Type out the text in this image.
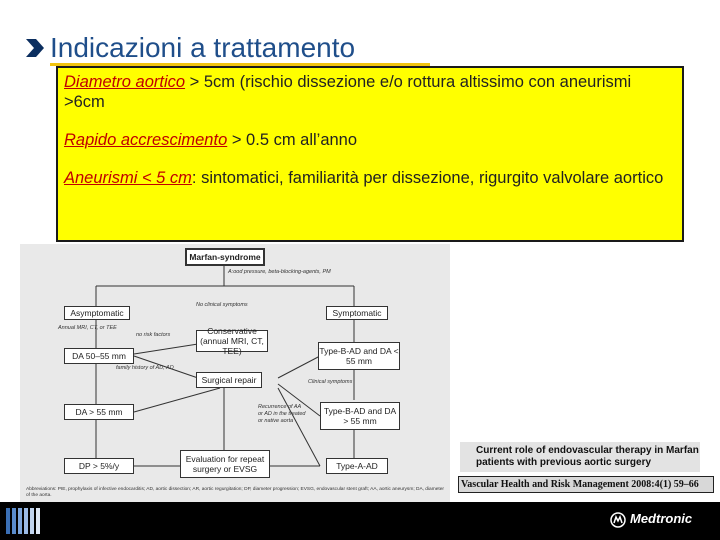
Indicazioni a trattamento

Diametro aortico > 5cm (rischio dissezione e/o rottura altissimo con aneurismi >6cm

Rapido accrescimento > 0.5 cm all’anno

Aneurismi < 5 cm: sintomatici, familiarità per dissezione, rigurgito valvolare aortico

Marfan-syndrome
Asymptomatic	Symptomatic
Conservative (annual MRI, CT, TEE)
DA 50–55 mm	Type-B-AD and DA < 55 mm
Surgical repair
DA > 55 mm	Type-B-AD and DA > 55 mm
Evaluation for repeat surgery or EVSG
DP > 5%/y	Type-A-AD
A:ood pressure, beta-blocking-agents, PM
No clinical symptoms
Annual MRI, CT, or TEE
no risk factors
family history of AD, AD
Clinical symptoms
Recurrence of AA or AD in the treated or native aorta
Abbreviations: PIE, prophylaxis of infective endocarditis; AD, aortic dissection; AR, aortic regurgitation; DP, diameter progression; EVSG, endovascular stent graft; AA, aortic aneurysm; DA, diameter of the aorta.
Current role of endovascular therapy in Marfan patients with previous aortic surgery
Vascular Health and Risk Management 2008:4(1) 59–66
Medtronic
